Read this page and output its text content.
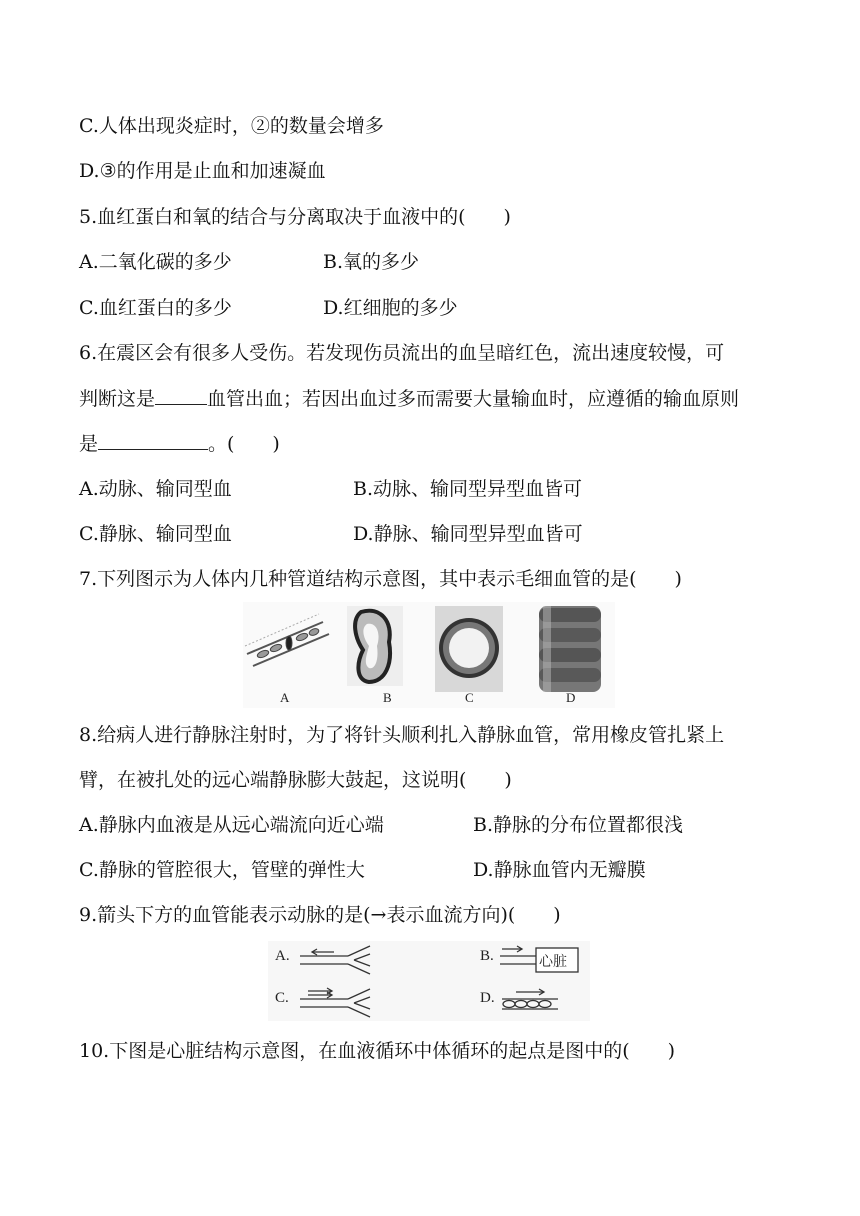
C.人体出现炎症时，②的数量会增多
D.③的作用是止血和加速凝血
5.血红蛋白和氧的结合与分离取决于血液中的(　　)
A.二氧化碳的多少	B.氧的多少
C.血红蛋白的多少	D.红细胞的多少
6.在震区会有很多人受伤。若发现伤员流出的血呈暗红色，流出速度较慢，可
判断这是	血管出血；若因出血过多而需要大量输血时，应遵循的输血原则
是	。(　　)
A.动脉、输同型血	B.动脉、输同型异型血皆可
C.静脉、输同型血	D.静脉、输同型异型血皆可
7.下列图示为人体内几种管道结构示意图，其中表示毛细血管的是(　　)
A	B	C	D
8.给病人进行静脉注射时，为了将针头顺利扎入静脉血管，常用橡皮管扎紧上
臂，在被扎处的远心端静脉膨大鼓起，这说明(　　)
A.静脉内血液是从远心端流向近心端	B.静脉的分布位置都很浅
C.静脉的管腔很大，管壁的弹性大	D.静脉血管内无瓣膜
9.箭头下方的血管能表示动脉的是(→表示血流方向)(　　)
A.
C.
B.
D.
心脏
10.下图是心脏结构示意图，在血液循环中体循环的起点是图中的(　　)
